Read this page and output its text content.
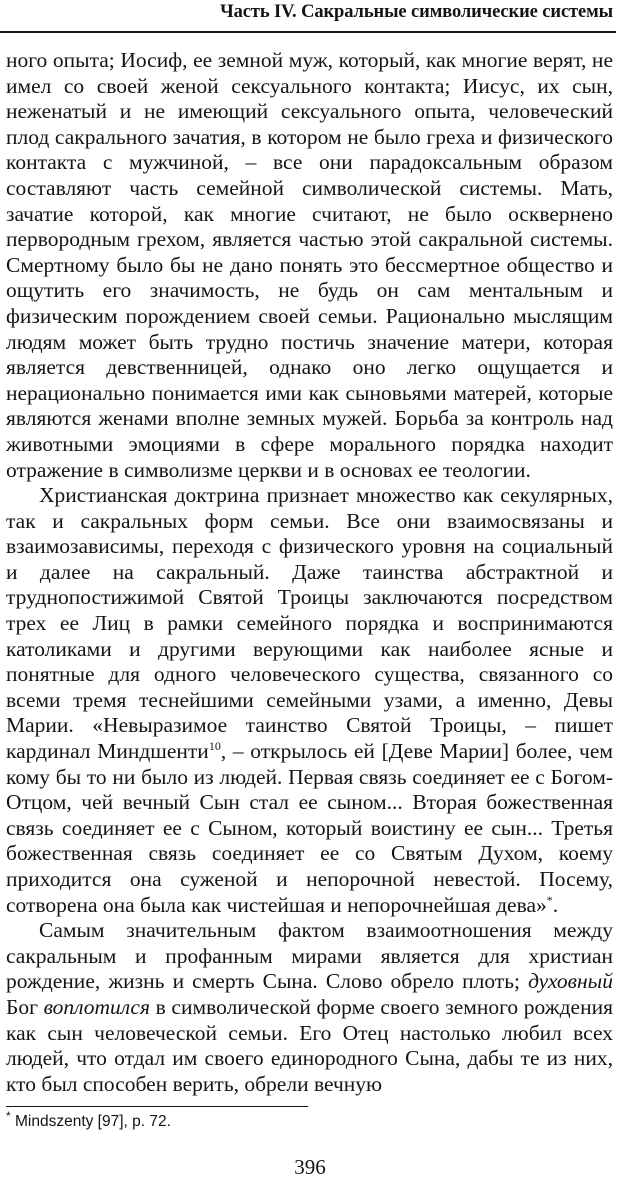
Часть IV. Сакральные символические системы

ного опыта; Иосиф, ее земной муж, который, как многие верят, не имел со своей женой сексуального контакта; Иисус, их сын, неженатый и не имеющий сексуального опыта, человеческий плод сакрального зачатия, в котором не было греха и физического контакта с мужчиной, – все они парадоксальным образом составляют часть семейной символической системы. Мать, зачатие которой, как многие считают, не было осквернено первородным грехом, является частью этой сакральной системы. Смертному было бы не дано понять это бессмертное общество и ощутить его значимость, не будь он сам ментальным и физическим порождением своей семьи. Рационально мыслящим людям может быть трудно постичь значение матери, которая является девственницей, однако оно легко ощущается и нерационально понимается ими как сыновьями матерей, которые являются женами вполне земных мужей. Борьба за контроль над животными эмоциями в сфере морального порядка находит отражение в символизме церкви и в основах ее теологии.

Христианская доктрина признает множество как секулярных, так и сакральных форм семьи. Все они взаимосвязаны и взаимозависимы, переходя с физического уровня на социальный и далее на сакральный. Даже таинства абстрактной и труднопостижимой Святой Троицы заключаются посредством трех ее Лиц в рамки семейного порядка и воспринимаются католиками и другими верующими как наиболее ясные и понятные для одного человеческого существа, связанного со всеми тремя теснейшими семейными узами, а именно, Девы Марии. «Невыразимое таинство Святой Троицы, – пишет кардинал Миндшенти$^{10}$, – открылось ей [Деве Марии] более, чем кому бы то ни было из людей. Первая связь соединяет ее с Богом-Отцом, чей вечный Сын стал ее сыном... Вторая божественная связь соединяет ее с Сыном, который воистину ее сын... Третья божественная связь соединяет ее со Святым Духом, коему приходится она суженой и непорочной невестой. Посему, сотворена она была как чистейшая и непорочнейшая дева»*.

Самым значительным фактом взаимоотношения между сакральным и профанным мирами является для христиан рождение, жизнь и смерть Сына. Слово обрело плоть; духовный Бог воплотился в символической форме своего земного рождения как сын человеческой семьи. Его Отец настолько любил всех людей, что отдал им своего единородного Сына, дабы те из них, кто был способен верить, обрели вечную

* Mindszenty [97], p. 72.
396
